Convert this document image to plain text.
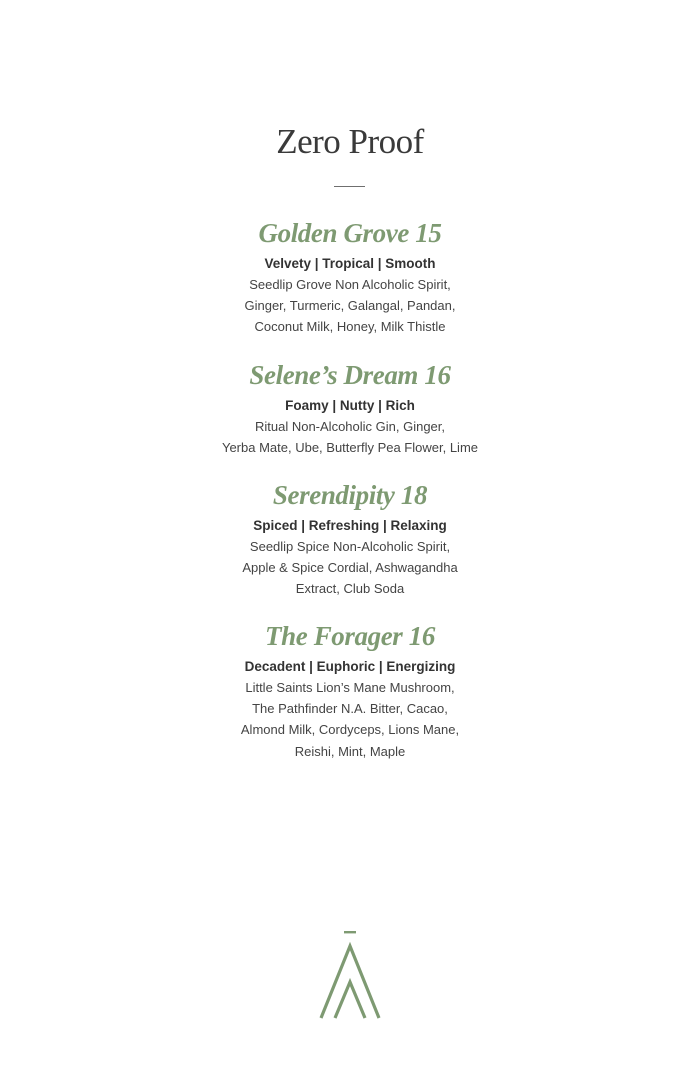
Zero Proof
Golden Grove 15

Velvety | Tropical | Smooth

Seedlip Grove Non Alcoholic Spirit,
Ginger, Turmeric, Galangal, Pandan,
Coconut Milk, Honey, Milk Thistle

Selene’s Dream 16

Foamy | Nutty | Rich

Ritual Non-Alcoholic Gin, Ginger,
Yerba Mate, Ube, Butterfly Pea Flower, Lime

Serendipity 18

Spiced | Refreshing | Relaxing

Seedlip Spice Non-Alcoholic Spirit,
Apple & Spice Cordial, Ashwagandha
Extract, Club Soda

The Forager 16

Decadent | Euphoric | Energizing

Little Saints Lion’s Mane Mushroom,
The Pathfinder N.A. Bitter, Cacao,
Almond Milk, Cordyceps, Lions Mane,
Reishi, Mint, Maple
